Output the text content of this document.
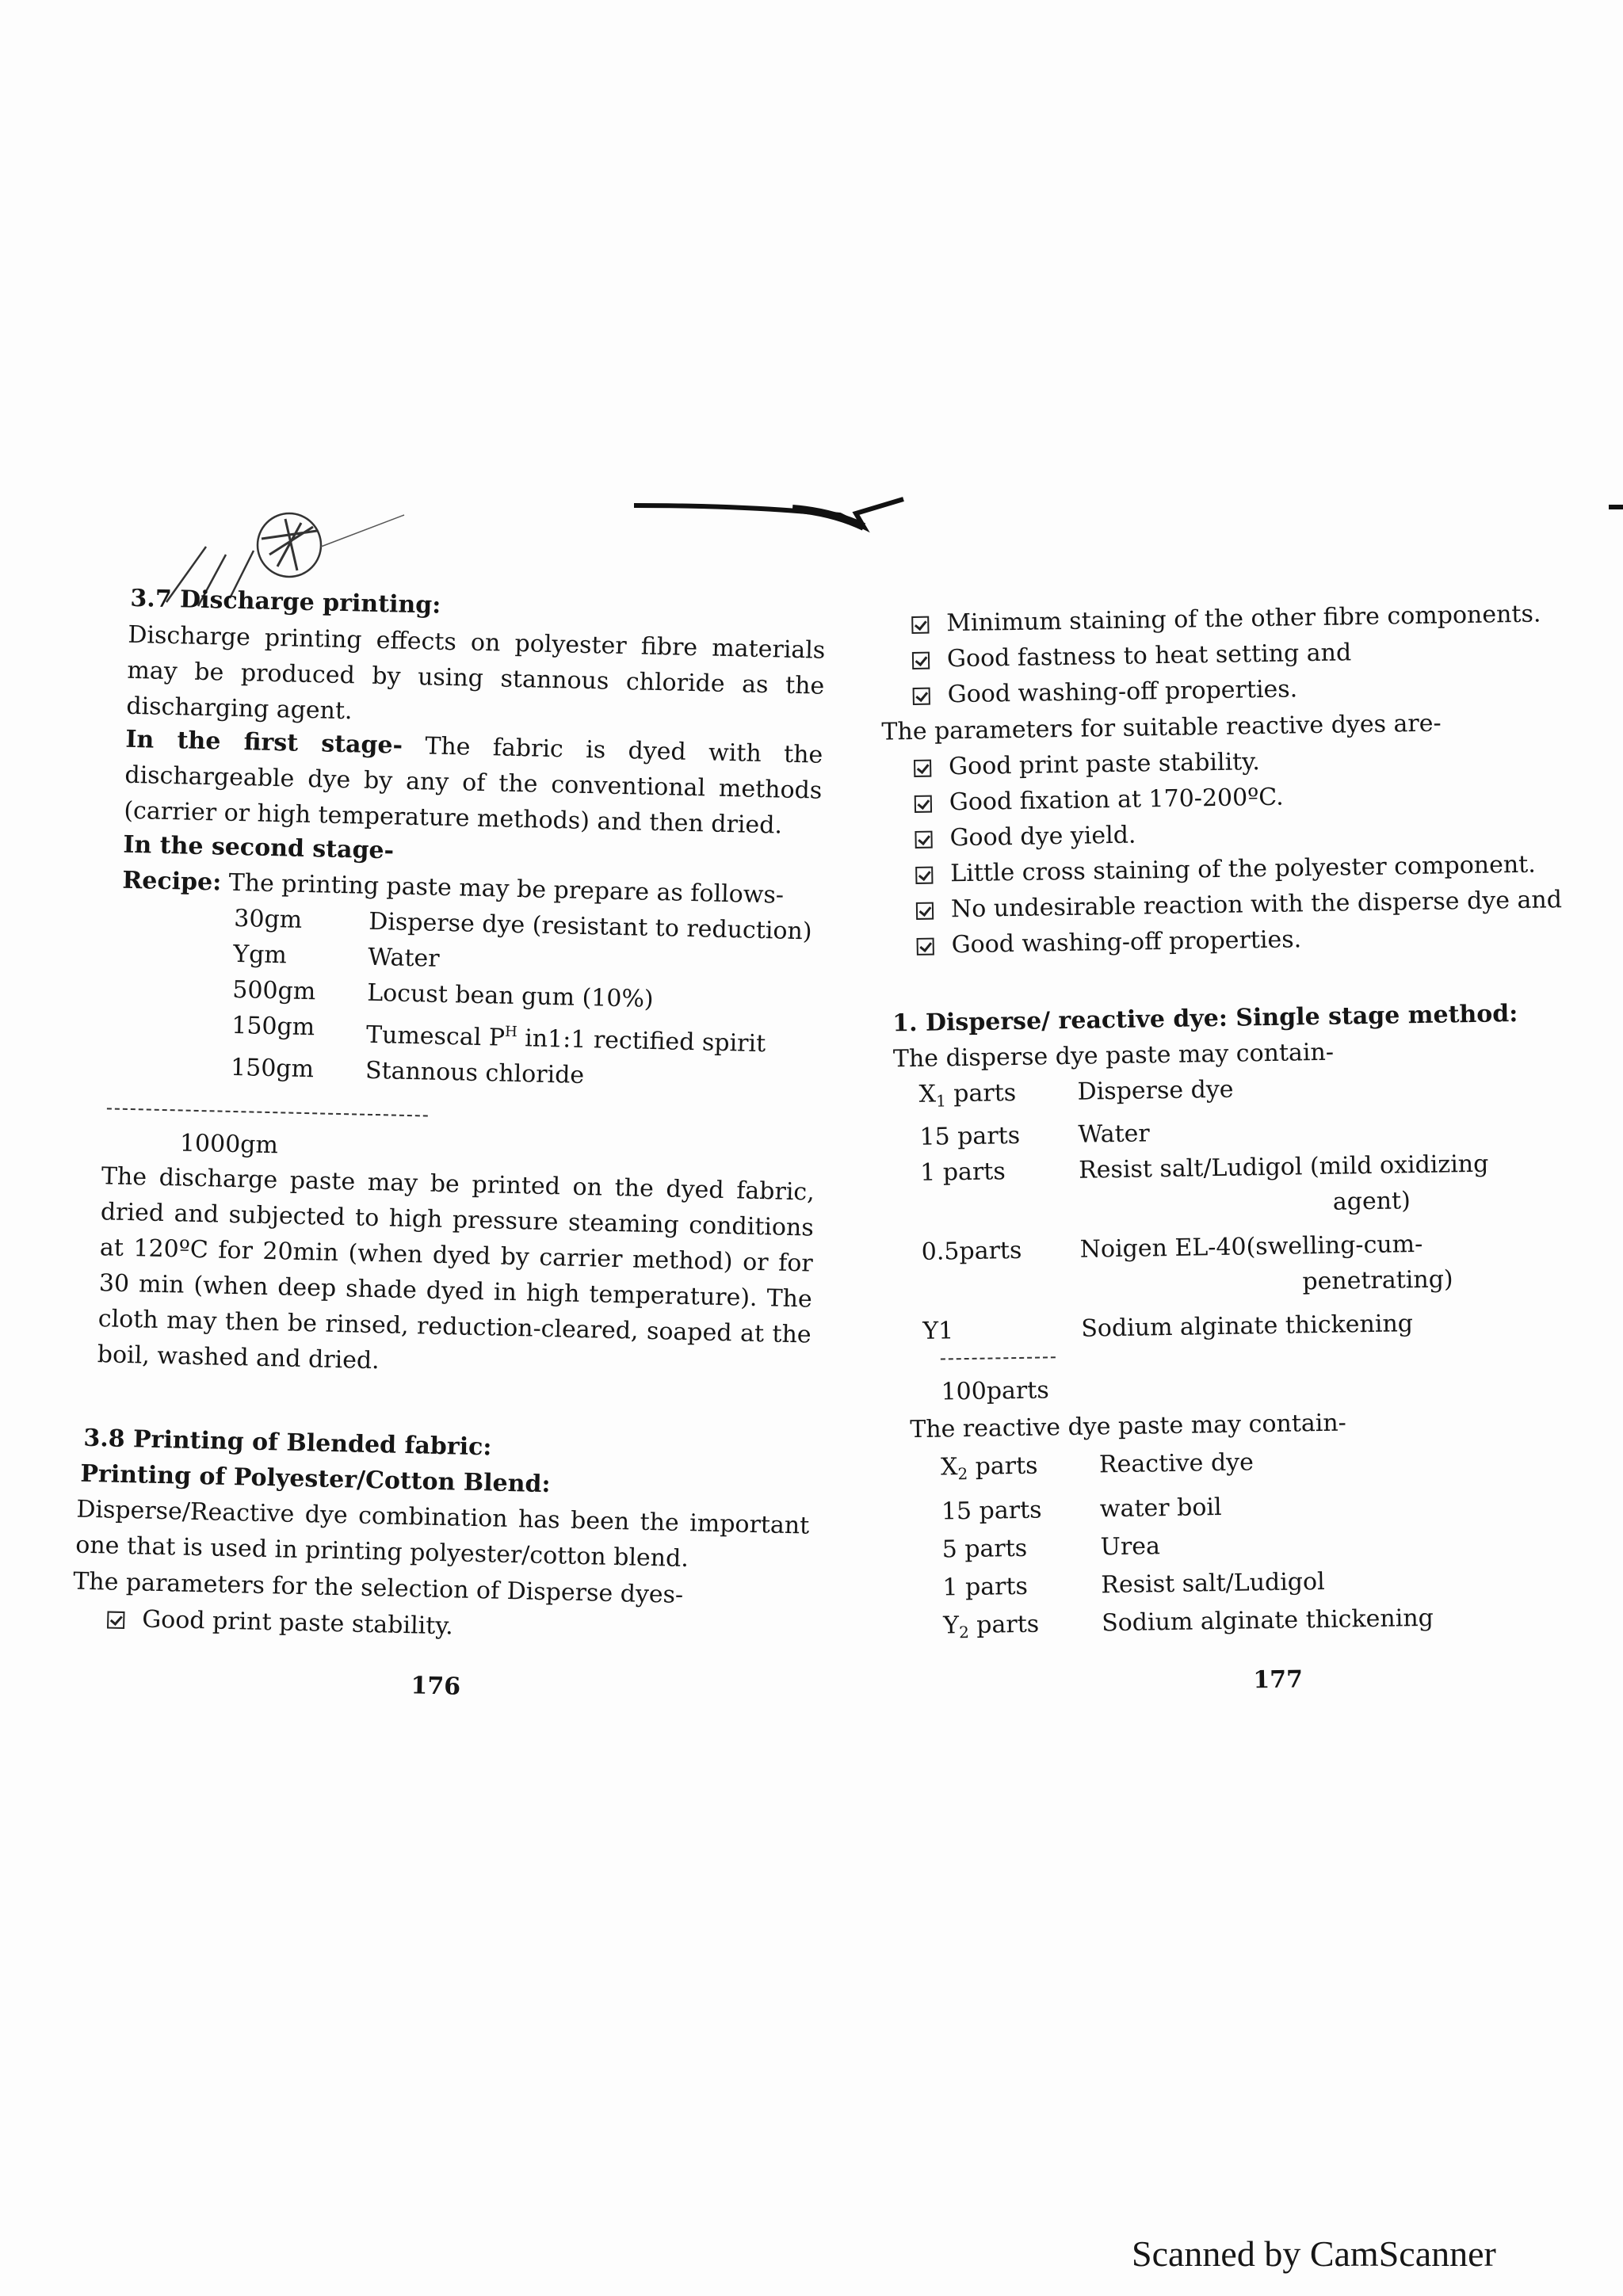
3.7 Discharge printing:
Discharge printing effects on polyester fibre materials may be produced by using stannous chloride as the discharging agent.
In the first stage- The fabric is dyed with the dischargeable dye by any of the conventional methods (carrier or high temperature methods) and then dried.
In the second stage-
Recipe: The printing paste may be prepare as follows-
30gm	Disperse dye (resistant to reduction)
Ygm	Water
500gm	Locust bean gum (10%)
150gm	Tumescal $P^H$ in1:1 rectified spirit
150gm	Stannous chloride
1000gm
The discharge paste may be printed on the dyed fabric, dried and subjected to high pressure steaming conditions at 120ºC for 20min (when dyed by carrier method) or for 30 min (when deep shade dyed in high temperature). The cloth may then be rinsed, reduction-cleared, soaped at the boil, washed and dried.
3.8 Printing of Blended fabric:
Printing of Polyester/Cotton Blend:
Disperse/Reactive dye combination has been the important one that is used in printing polyester/cotton blend.
The parameters for the selection of Disperse dyes-
Good print paste stability.
176
Minimum staining of the other fibre components.
Good fastness to heat setting and
Good washing-off properties.
The parameters for suitable reactive dyes are-
Good print paste stability.
Good fixation at 170-200ºC.
Good dye yield.
Little cross staining of the polyester component.
No undesirable reaction with the disperse dye and
Good washing-off properties.
1. Disperse/ reactive dye: Single stage method:
The disperse dye paste may contain-
$X_1$ parts	Disperse dye
15 parts	Water
1 parts	Resist salt/Ludigol (mild oxidizing
agent)
0.5parts	Noigen EL-40(swelling-cum-
penetrating)
Y1	Sodium alginate thickening
100parts
The reactive dye paste may contain-
$X_2$ parts	Reactive dye
15 parts	water boil
5 parts	Urea
1 parts	Resist salt/Ludigol
$Y_2$ parts	Sodium alginate thickening
177
Scanned by CamScanner
